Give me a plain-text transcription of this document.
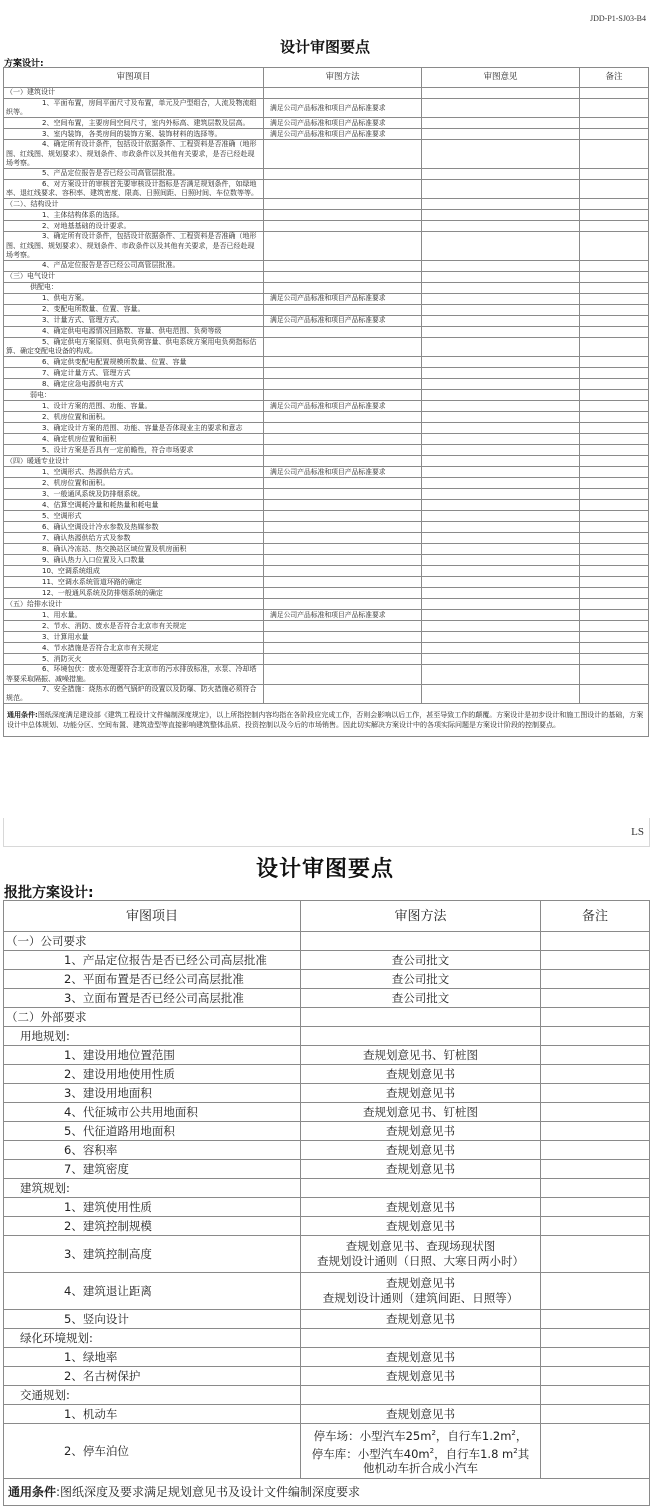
JDD-P1-SJ03-B4
设计审图要点
方案设计:
审图项目	审图方法	审图意见	备注
（一）建筑设计			
1、平面布置，房间平面尺寸及布置，单元及户型组合，人流及物流组织等。	满足公司产品标准和项目产品标准要求		
2、空间布置，主要房间空间尺寸，室内外标高、建筑层数及层高。	满足公司产品标准和项目产品标准要求		
3、室内装饰，各类房间的装饰方案、装饰材料的选择等。	满足公司产品标准和项目产品标准要求		
4、确定所有设计条件，包括设计依据条件、工程资料是否准确（地形图、红线图、规划要求）、规划条件、市政条件以及其他有关要求，是否已经赴现场考察。			
5、产品定位报告是否已经公司高管层批准。			
6、对方案设计的审核首先要审核设计指标是否满足规划条件，如绿地率、退红线要求、容积率、建筑密度、限高、日照间距、日照时间、车位数等等。			
（二）、结构设计			
1、主体结构体系的选择。			
2、对地基基础的设计要求。			
3、确定所有设计条件，包括设计依据条件、工程资料是否准确（地形图、红线图、规划要求）、规划条件、市政条件以及其他有关要求，是否已经赴现场考察。			
4、产品定位报告是否已经公司高管层批准。			
（三）电气设计			
供配电：			
1、供电方案。	满足公司产品标准和项目产品标准要求		
2、变配电所数量、位置、容量。			
3、计量方式、管理方式。	满足公司产品标准和项目产品标准要求		
4、确定供电电源情况回路数、容量、供电范围、负荷等级			
5、确定供电方案原则、供电负荷容量、供电系统方案用电负荷指标估算、确定变配电设备的构成。			
6、确定供变配电配置规模所数量、位置、容量			
7、确定计量方式、管理方式			
8、确定应急电源供电方式			
弱电：			
1、设计方案的范围、功能、容量。	满足公司产品标准和项目产品标准要求		
2、机房位置和面积。			
3、确定设计方案的范围、功能、容量是否体现业主的要求和意志			
4、确定机房位置和面积			
5、设计方案是否具有一定前瞻性，符合市场要求			
（四）暖通专业设计			
1、空调形式、热源供给方式。	满足公司产品标准和项目产品标准要求		
2、机房位置和面积。			
3、一般通风系统及防排烟系统。			
4、估算空调耗冷量和耗热量和耗电量			
5、空调形式			
6、确认空调设计冷水参数及热媒参数			
7、确认热源供给方式及参数			
8、确认冷冻站、热交换站区域位置及机房面积			
9、确认热力入口位置及入口数量			
10、空调系统组成			
11、空调水系统管道环路的确定			
12、一般通风系统及防排烟系统的确定			
（五）给排水设计			
1、用水量。	满足公司产品标准和项目产品标准要求		
2、节水、消防、废水是否符合北京市有关规定			
3、计算用水量			
4、节水措施是否符合北京市有关规定			
5、消防灭火			
6、环境包伏：废水处理要符合北京市的污水排放标准，水泵、冷却塔等要采取隔振、减噪措施。			
7、安全措施：烧热水的燃气锅炉的设置以及防爆、防火措施必须符合规范。			
通用条件:图纸深度满足建设部《建筑工程设计文件编制深度规定》，以上所指控制内容均指在各阶段应完成工作，否则会影响以后工作，甚至导致工作的颠覆。方案设计是初步设计和施工图设计的基础，方案设计中总体规划、功能分区、空间布置、建筑造型等直接影响建筑整体品质、投资控制以及今后的市场销售。因此切实解决方案设计中的各项实际问题是方案设计阶段的控制要点。			
LS
设计审图要点
报批方案设计:
审图项目	审图方法	备注
（一）公司要求		
1、产品定位报告是否已经公司高层批准	查公司批文	
2、平面布置是否已经公司高层批准	查公司批文	
3、立面布置是否已经公司高层批准	查公司批文	
（二）外部要求		
用地规划:		
1、建设用地位置范围	查规划意见书、钉桩图	
2、建设用地使用性质	查规划意见书	
3、建设用地面积	查规划意见书	
4、代征城市公共用地面积	查规划意见书、钉桩图	
5、代征道路用地面积	查规划意见书	
6、容积率	查规划意见书	
7、建筑密度	查规划意见书	
建筑规划:		
1、建筑使用性质	查规划意见书	
2、建筑控制规模	查规划意见书	
3、建筑控制高度	查规划意见书、查现场现状图
查规划设计通则（日照、大寒日两小时）	

4、建筑退让距离	查规划意见书
查规划设计通则（建筑间距、日照等）	

5、竖向设计	查规划意见书	
绿化环境规划:		
1、绿地率	查规划意见书	
2、名古树保护	查规划意见书	
交通规划:		
1、机动车	查规划意见书	
2、停车泊位	停车场：小型汽车$25m^2$，自行车$1.2m^2$，
停车库：小型汽车$40m^2$，自行车1.8 $m^2$其
他机动车折合成小汽车	

通用条件:图纸深度及要求满足规划意见书及设计文件编制深度要求		
